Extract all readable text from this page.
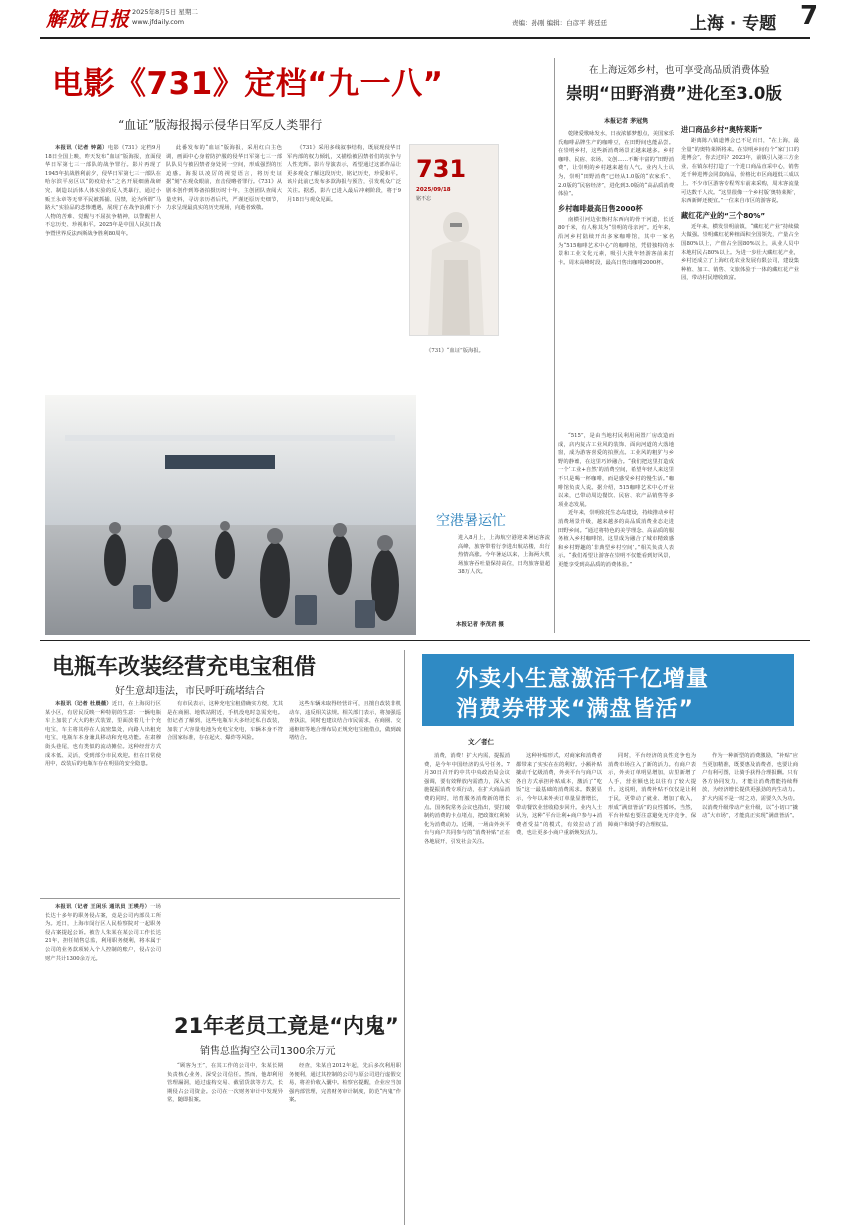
解放日报 2025年8月5日 星期二
www.jfdaily.com	责编：孙刚 编辑：白彦平 蒋廷廷	上海 · 专题 7
电影《731》定档“九一八”
“血证”版海报揭示侵华日军反人类罪行

本报讯（记者 钟菡）电影《731》定档9月18日全国上映，昨天发布“血证”版海报，直面侵华日军第七三一部队的战争罪行。影片再现了1945年抗战胜利前夕，侵华日军第七三一部队在哈尔滨平房区以“防疫给水”之名开展细菌战研究、制造以活体人体实验的反人类暴行，通过小贩王永章等无辜平民被抓捕、囚禁，沦为所谓“马路大”实验品的悲惨遭遇，展现了在战争浪潮下小人物的苦难、觉醒与不屈抗争精神，以警醒世人不忘历史、珍视和平。2025年是中国人民抗日战争暨世界反法西斯战争胜利80周年。

此番发布的“血证”版海报，采用红白主色调，画面中心身着防护服的侵华日军第七三一部队队员与被囚禁者身处同一空间，形成强烈的压迫感。海报以凌厉的视觉语言，将历史证据“刻”在观众眼前，直击侵略者罪行。《731》从剧本创作到筹备拍摄历时十年，主创团队查阅大量史料，寻访亲历者后代，严谨还原历史细节，力求呈现最真实的历史现场，向逝者致敬。

《731》采用多线叙事结构，既展现侵华日军内部的权力倾轧，又描绘被囚禁者们的抗争与人性光辉。影片导演表示，希望通过这部作品让更多观众了解这段历史，铭记历史，珍爱和平。该片此前已发布多款海报与预告，引发观众广泛关注。据悉，影片已进入最后冲刺阶段，将于9月18日与观众见面。

731
2025/09/18
铭不忘
《731》“血证”版海报。
在上海远郊乡村，也可享受高品质消费体验
崇明“田野消费”进化至3.0版
本报记者 茅冠隽

乾隆爱歌咏发水，日夜浓郁梦想点，美国家乐氏咖啡品牌生产的咖啡豆，在田野间也能品尝。在崇明乡村，这些新消费场景正越来越多。乡村咖啡、民宿、农场、文创……不断丰富的“田野消费”，让崇明的乡村越来越有人气。业内人士认为，崇明“田野消费”已经从1.0版的“农家乐”、2.0版的“民宿经济”，进化到3.0版的“高品质消费体验”。

乡村咖啡最高日售2000杯

南横引河边张衡村东西向的骨干河道，长近80千米，有人称其为“崇明的母亲河”。近年来，沿河乡村陆续开出多家咖啡馆，其中一家名为“515咖啡艺术中心”的咖啡馆，凭借独特的水景和工业文化元素，吸引大批年轻游客前来打卡。周末高峰时段，最高日售出咖啡2000杯。

“515”，是由当地村民利用闲置厂房改造而成，店内复古工业风的装饰、面向河道的大落地窗，成为游客喜爱的拍照点。工业风的粗犷与乡野的静谧，在这里巧妙融合。“我们把这里打造成一个‘工业+自然’的消费空间，希望年轻人来这里不只是喝一杯咖啡，而是感受乡村的慢生活。”咖啡馆负责人说。据介绍，515咖啡艺术中心开业以来，已带动周边餐饮、民宿、农产品销售等多项业态发展。

近年来，崇明依托生态岛建设，持续推动乡村消费场景升级，越来越多的高品质消费业态走进田野乡间。“通过将特色的美学理念、高品质的服务植入乡村咖啡馆，这里成为融合了城市精致感和乡村野趣的‘非典型乡村空间’。”相关负责人表示。“我们希望让游客在崇明不仅能看到好风景，更能享受到高品质的消费体验。”

进口商品乡村“奥特莱斯”

距离陈八镇道博会已不足百日，“在上海，最全量”的奥特莱斯将来。在崇明乡间有个“家门口的进博会”，你去过吗？2023年，前镇引入第三方企业，在镇东村打造了一个进口商品直采中心，销售近千种进博会同款商品，价格比市区商超低三成以上。不少市区游客专程驾车前来采购，周末客流量可达数千人次。“这里很像一个乡村版‘奥特莱斯’，东西新鲜还便宜。”一位来自市区的游客说。

藏红花产业的“三个80%”

近年来，横发崇明前镇，“藏红花产业”持续做大做强。崇明藏红花种植面积全国领先，产量占全国80%以上，产值占全国80%以上，从业人员中本地村民占80%以上。为进一步壮大藏红花产业，乡村还成立了上海红花农业发展有限公司，建设集种植、加工、销售、文旅体验于一体的藏红花产业园，带动村民增收致富。

空港暑运忙
进入8月上，上海航空港迎来暑运客流高峰，旅客带着行李进出航站楼，出行热情高涨。今年暑运以来，上海两大机场旅客吞吐量保持高位，日均旅客量超38万人次。
本报记者 李茂君 摄
电瓶车改装经营充电宝租借
好生意却违法，市民呼吁疏堵结合

本报讯（记者 杜晨薇）近日，在上海闵行区某小区，有居民反映一种特别的生意：一辆电瓶车上加装了大大的柜式装置，里面放着几十个充电宝，车主将其停在人流密集处，向路人出租充电宝，电瓶车本身兼具移动和充电功能。在肃穆街头巷尾，也有类似的流动摊位。这种经营方式成本低、灵活，受到部分市民欢迎。但在日常使用中，改装后的电瓶车存在明显的安全隐患。

有市民表示，这种充电宝租借确实方便，尤其是在商圈、地铁站附近，手机没电时急需充电。但记者了解到，这些电瓶车大多经过私自改装，加装了大容量电池为充电宝充电，车辆本身不符合国家标准，存在起火、爆炸等风险。

这些车辆未取得经营许可，且擅自改装非机动车，违反相关法规。相关部门表示，将加强巡查执法，同时也建议结合市民需求，在商圈、交通枢纽等地合理布局正规充电宝租借点，做到疏堵结合。

外卖小生意激活千亿增量
消费券带来“满盘皆活”
文／者仁

消费，消费！扩大内需，提振消费，是今年中国经济的头号任务。7月30日召开的中共中央政治局会议强调，要有效释放内需潜力，深入实施提振消费专项行动，在扩大商品消费的同时，培育服务消费新的增长点。国务院常务会议也指出，要打破制约消费的卡点堵点，把政策红利转化为消费动力。近期，一场由外卖平台与商户共同参与的“消费补贴”正在各地展开，引发社会关注。

这种补贴形式，对商家和消费者都带来了实实在在的利好。小额补贴撬动千亿级消费，外卖平台与商户以各自方式承担补贴成本，激活了“吃饭”这一最基础的消费需求。数据显示，今年以来外卖订单量显著增长，带动餐饮业营收稳步回升。业内人士认为，这种“平台让利+商户参与+消费者受益”的模式，有效拉动了消费，也让更多小商户重新焕发活力。

同时，平台经济的良性竞争也为消费市场注入了新的活力。有商户表示，外卖订单明显增加，店里新增了人手，营业额也比以往有了较大提升。这说明，消费补贴不仅仅是让利于民，更带动了就业、增加了收入，形成“满盘皆活”的良性循环。当然，平台补贴也要注意避免无序竞争，保障商户和骑手的合理权益。

作为一种新型的消费激励，“补贴”应当更加精准，既要惠及消费者，也要让商户有利可图，让骑手获得合理报酬。只有各方协同发力，才能让消费潜能持续释放，为经济增长提供更强劲的内生动力。扩大内需不是一时之功，需要久久为功。以消费升级带动产业升级，以“小切口”撬动“大市场”，才能真正实现“满盘皆活”。

本报讯（记者 王闲乐 通讯员 王瑛丹）一场长达十多年的职务侵占案，竟是公司内部员工所为。近日，上海市闵行区人民检察院对一起职务侵占案提起公诉。被告人朱某在某公司工作长达21年，担任销售总监，利用职务便利，将本属于公司的业务款项转入个人控制的账户，侵占公司财产共计1300余万元。

21年老员工竟是“内鬼”
销售总监掏空公司1300余万元

“顾客为王”，在其工作的公司中，朱某长期负责核心业务，深受公司信任。然而，他却利用管理漏洞，通过虚构交易、截留货款等方式，长期侵占公司资金。公司在一次财务审计中发现异常，随即报案。

经查，朱某自2012年起，先后多次利用职务便利，通过其控制的公司与原公司进行虚假交易，将差价收入囊中。检察官提醒，企业应当加强内部管理，完善财务审计制度，防范“内鬼”作案。
